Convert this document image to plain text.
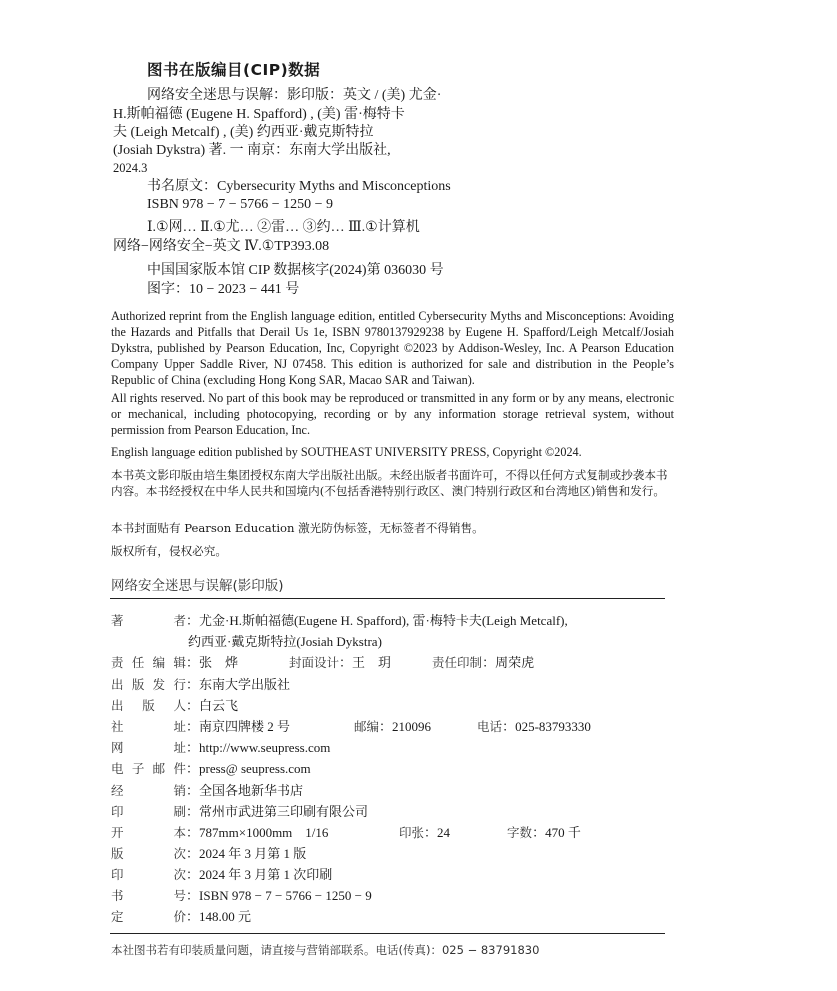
图书在版编目(CIP)数据
网络安全迷思与误解：影印版：英文 / (美) 尤金·
H.斯帕福德 (Eugene H. Spafford) , (美) 雷·梅特卡
夫 (Leigh Metcalf) , (美) 约西亚·戴克斯特拉
(Josiah Dykstra) 著. 一 南京：东南大学出版社,
2024.3
书名原文：Cybersecurity Myths and Misconceptions
ISBN 978 − 7 − 5766 − 1250 − 9
Ⅰ.①网… Ⅱ.①尤… ②雷… ③约… Ⅲ.①计算机
网络−网络安全−英文 Ⅳ.①TP393.08
中国国家版本馆 CIP 数据核字(2024)第 036030 号
图字：10 − 2023 − 441 号
Authorized reprint from the English language edition, entitled Cybersecurity Myths and Misconceptions: Avoiding the Hazards and Pitfalls that Derail Us 1e, ISBN 9780137929238 by Eugene H. Spafford/Leigh Metcalf/Josiah Dykstra, published by Pearson Education, Inc, Copyright ©2023 by Addison-Wesley, Inc. A Pearson Education Company Upper Saddle River, NJ 07458. This edition is authorized for sale and distribution in the People’s Republic of China (excluding Hong Kong SAR, Macao SAR and Taiwan).
All rights reserved. No part of this book may be reproduced or transmitted in any form or by any means, electronic or mechanical, including photocopying, recording or by any information storage retrieval system, without permission from Pearson Education, Inc.
English language edition published by SOUTHEAST UNIVERSITY PRESS, Copyright ©2024.
本书英文影印版由培生集团授权东南大学出版社出版。未经出版者书面许可，不得以任何方式复制或抄袭本书内容。本书经授权在中华人民共和国境内(不包括香港特别行政区、澳门特别行政区和台湾地区)销售和发行。
本书封面贴有 Pearson Education 激光防伪标签，无标签者不得销售。
版权所有，侵权必究。
网络安全迷思与误解(影印版)
著者：尤金·H.斯帕福德(Eugene H. Spafford), 雷·梅特卡夫(Leigh Metcalf),
约西亚·戴克斯特拉(Josiah Dykstra)
责任编辑：张　烨	封面设计：王　玥	责任印制：周荣虎
出版发行：东南大学出版社
出版人：白云飞
社址：南京四牌楼 2 号	邮编：210096	电话：025-83793330
网址：http://www.seupress.com
电子邮件：press@ seupress.com
经销：全国各地新华书店
印刷：常州市武进第三印刷有限公司
开本：787mm×1000mm　1/16	印张：24	字数：470 千
版次：2024 年 3 月第 1 版
印次：2024 年 3 月第 1 次印刷
书号：ISBN 978 − 7 − 5766 − 1250 − 9
定价：148.00 元
本社图书若有印装质量问题，请直接与营销部联系。电话(传真)：025 − 83791830
